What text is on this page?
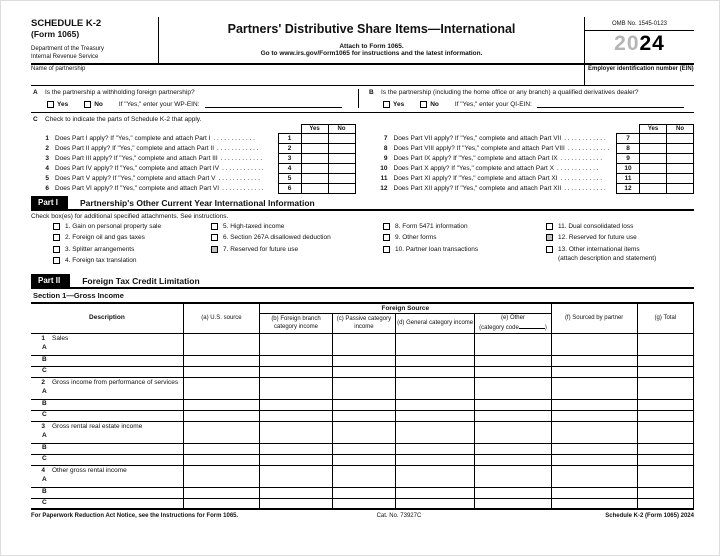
SCHEDULE K-2
(Form 1065)
Department of the Treasury
Internal Revenue Service
Partners' Distributive Share Items—International
Attach to Form 1065.
Go to www.irs.gov/Form1065 for instructions and the latest information.
OMB No. 1545-0123
2024
Name of partnership	Employer identification number (EIN)
A	Is the partnership a withholding foreign partnership?
Yes	No If "Yes," enter your WP-EIN:
B	Is the partnership (including the home office or any branch) a qualified derivatives dealer?
Yes	No If "Yes," enter your QI-EIN:
C	Check to indicate the parts of Schedule K-2 that apply.
Yes	No
1 Does Part I apply? If "Yes," complete and attach Part I . . . . . . . . . . . .	1
2 Does Part II apply? If "Yes," complete and attach Part II . . . . . . . . . . . .	2
3 Does Part III apply? If "Yes," complete and attach Part III . . . . . . . . . . . .	3
4 Does Part IV apply? If "Yes," complete and attach Part IV . . . . . . . . . . . .	4
5 Does Part V apply? If "Yes," complete and attach Part V . . . . . . . . . . . .	5
6 Does Part VI apply? If "Yes," complete and attach Part VI . . . . . . . . . . . .	6
Yes	No
7 Does Part VII apply? If "Yes," complete and attach Part VII . . . . . . . . . . . .	7
8 Does Part VIII apply? If "Yes," complete and attach Part VIII . . . . . . . . . . . .	8
9 Does Part IX apply? If "Yes," complete and attach Part IX . . . . . . . . . . . .	9
10 Does Part X apply? If "Yes," complete and attach Part X . . . . . . . . . . . .	10
11 Does Part XI apply? If "Yes," complete and attach Part XI . . . . . . . . . . . .	11
12 Does Part XII apply? If "Yes," complete and attach Part XII . . . . . . . . . . . .	12
Part I	Partnership's Other Current Year International Information
Check box(es) for additional specified attachments. See instructions.
1. Gain on personal property sale
2. Foreign oil and gas taxes
3. Splitter arrangements
4. Foreign tax translation
5. High-taxed income
6. Section 267A disallowed deduction
7. Reserved for future use
8. Form 5471 information
9. Other forms
10. Partner loan transactions
11. Dual consolidated loss
12. Reserved for future use
13. Other international items
(attach description and statement)
Part II	Foreign Tax Credit Limitation
Section 1—Gross Income
Description	(a) U.S. source	Foreign Source				(f) Sourced by partner	(g) Total
		(b) Foreign branch category income	(c) Passive category income	(d) General category income	(e) Other
(category code )		
1 Sales							
A							
B							
C							
2 Gross income from performance of services							
A							
B							
C							
3 Gross rental real estate income							
A							
B							
C							
4 Other gross rental income							
A							
B							
C							
For Paperwork Reduction Act Notice, see the Instructions for Form 1065.	Cat. No. 73927C	Schedule K-2 (Form 1065) 2024
